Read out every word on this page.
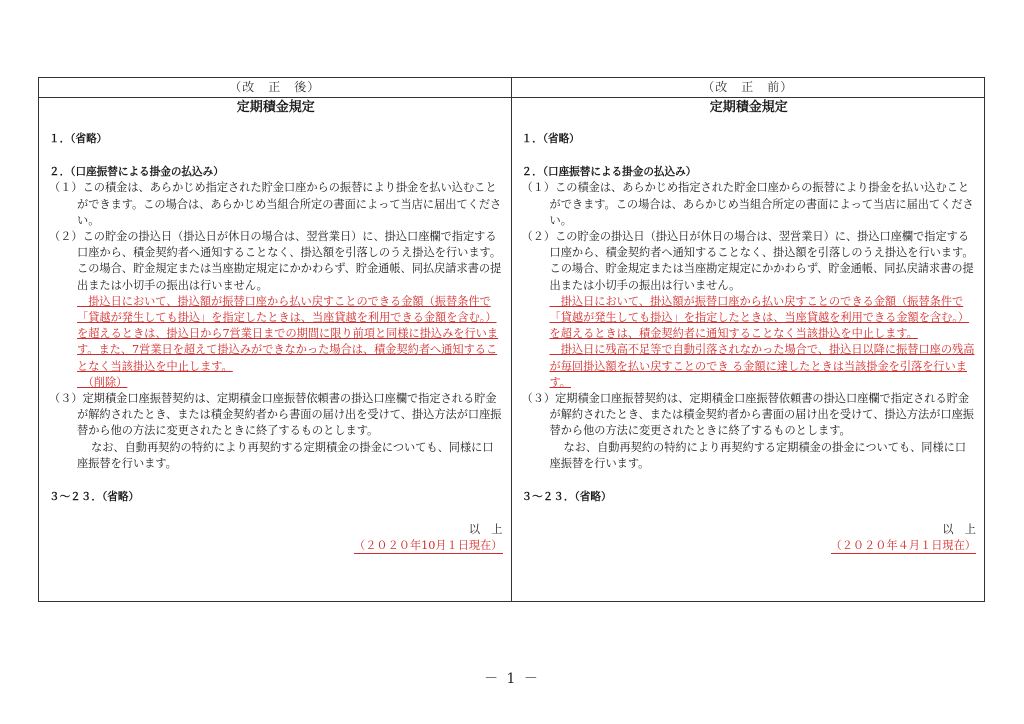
（改　正　後）
定期積金規定

１．（省略）

２．（口座振替による掛金の払込み）

（１）この積金は、あらかじめ指定された貯金口座からの振替により掛金を払い込むことができます。この場合は、あらかじめ当組合所定の書面によって当店に届出てください。

（２）この貯金の掛込日（掛込日が休日の場合は、翌営業日）に、掛込口座欄で指定する口座から、積金契約者へ通知することなく、掛込額を引落しのうえ掛込を行います。この場合、貯金規定または当座勘定規定にかかわらず、貯金通帳、同払戻請求書の提出または小切手の振出は行いません。

　掛込日において、掛込額が振替口座から払い戻すことのできる金額（振替条件で「貸越が発生しても掛込」を指定したときは、当座貸越を利用できる金額を含む。）を超えるときは、掛込日から7営業日までの期間に限り前項と同様に掛込みを行います。また、7営業日を超えて掛込みができなかった場合は、積金契約者へ通知することなく当該掛込を中止します。

　（削除）

（３）定期積金口座振替契約は、定期積金口座振替依頼書の掛込口座欄で指定される貯金が解約されたとき、または積金契約者から書面の届け出を受けて、掛込方法が口座振替から他の方法に変更されたときに終了するものとします。

なお、自動再契約の特約により再契約する定期積金の掛金についても、同様に口座振替を行います。

３～２３．（省略）

以　上

（２０２０年10月１日現在）

（改　正　前）
定期積金規定

１．（省略）

２．（口座振替による掛金の払込み）

（１）この積金は、あらかじめ指定された貯金口座からの振替により掛金を払い込むことができます。この場合は、あらかじめ当組合所定の書面によって当店に届出てください。

（２）この貯金の掛込日（掛込日が休日の場合は、翌営業日）に、掛込口座欄で指定する口座から、積金契約者へ通知することなく、掛込額を引落しのうえ掛込を行います。この場合、貯金規定または当座勘定規定にかかわらず、貯金通帳、同払戻請求書の提出または小切手の振出は行いません。

　掛込日において、掛込額が振替口座から払い戻すことのできる金額（振替条件で「貸越が発生しても掛込」を指定したときは、当座貸越を利用できる金額を含む。）を超えるときは、積金契約者に通知することなく当該掛込を中止します。

　掛込日に残高不足等で自動引落されなかった場合で、掛込日以降に振替口座の残高が毎回掛込額を払い戻すことのでき る金額に達したときは当該掛金を引落を行います。

（３）定期積金口座振替契約は、定期積金口座振替依頼書の掛込口座欄で指定される貯金が解約されたとき、または積金契約者から書面の届け出を受けて、掛込方法が口座振替から他の方法に変更されたときに終了するものとします。

なお、自動再契約の特約により再契約する定期積金の掛金についても、同様に口座振替を行います。

３～２３．（省略）

以　上

（２０２０年４月１日現在）

－ 1 －
